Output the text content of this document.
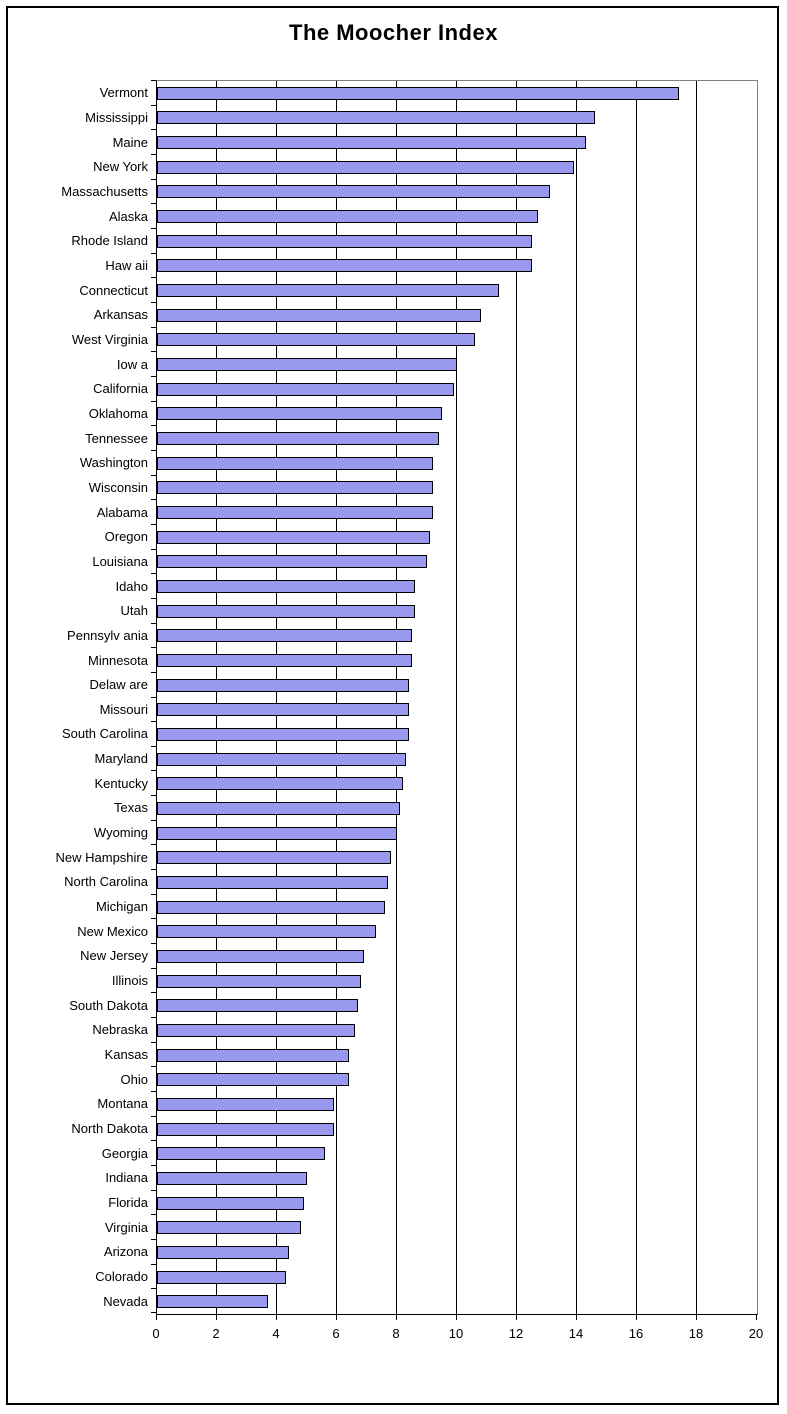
The Moocher Index
Vermont
Mississippi
Maine
New York
Massachusetts
Alaska
Rhode Island
Haw aii
Connecticut
Arkansas
West Virginia
Iow a
California
Oklahoma
Tennessee
Washington
Wisconsin
Alabama
Oregon
Louisiana
Idaho
Utah
Pennsylv ania
Minnesota
Delaw are
Missouri
South Carolina
Maryland
Kentucky
Texas
Wyoming
New Hampshire
North Carolina
Michigan
New Mexico
New Jersey
Illinois
South Dakota
Nebraska
Kansas
Ohio
Montana
North Dakota
Georgia
Indiana
Florida
Virginia
Arizona
Colorado
Nevada
0	2	4	6	8	10	12	14	16	18	20
